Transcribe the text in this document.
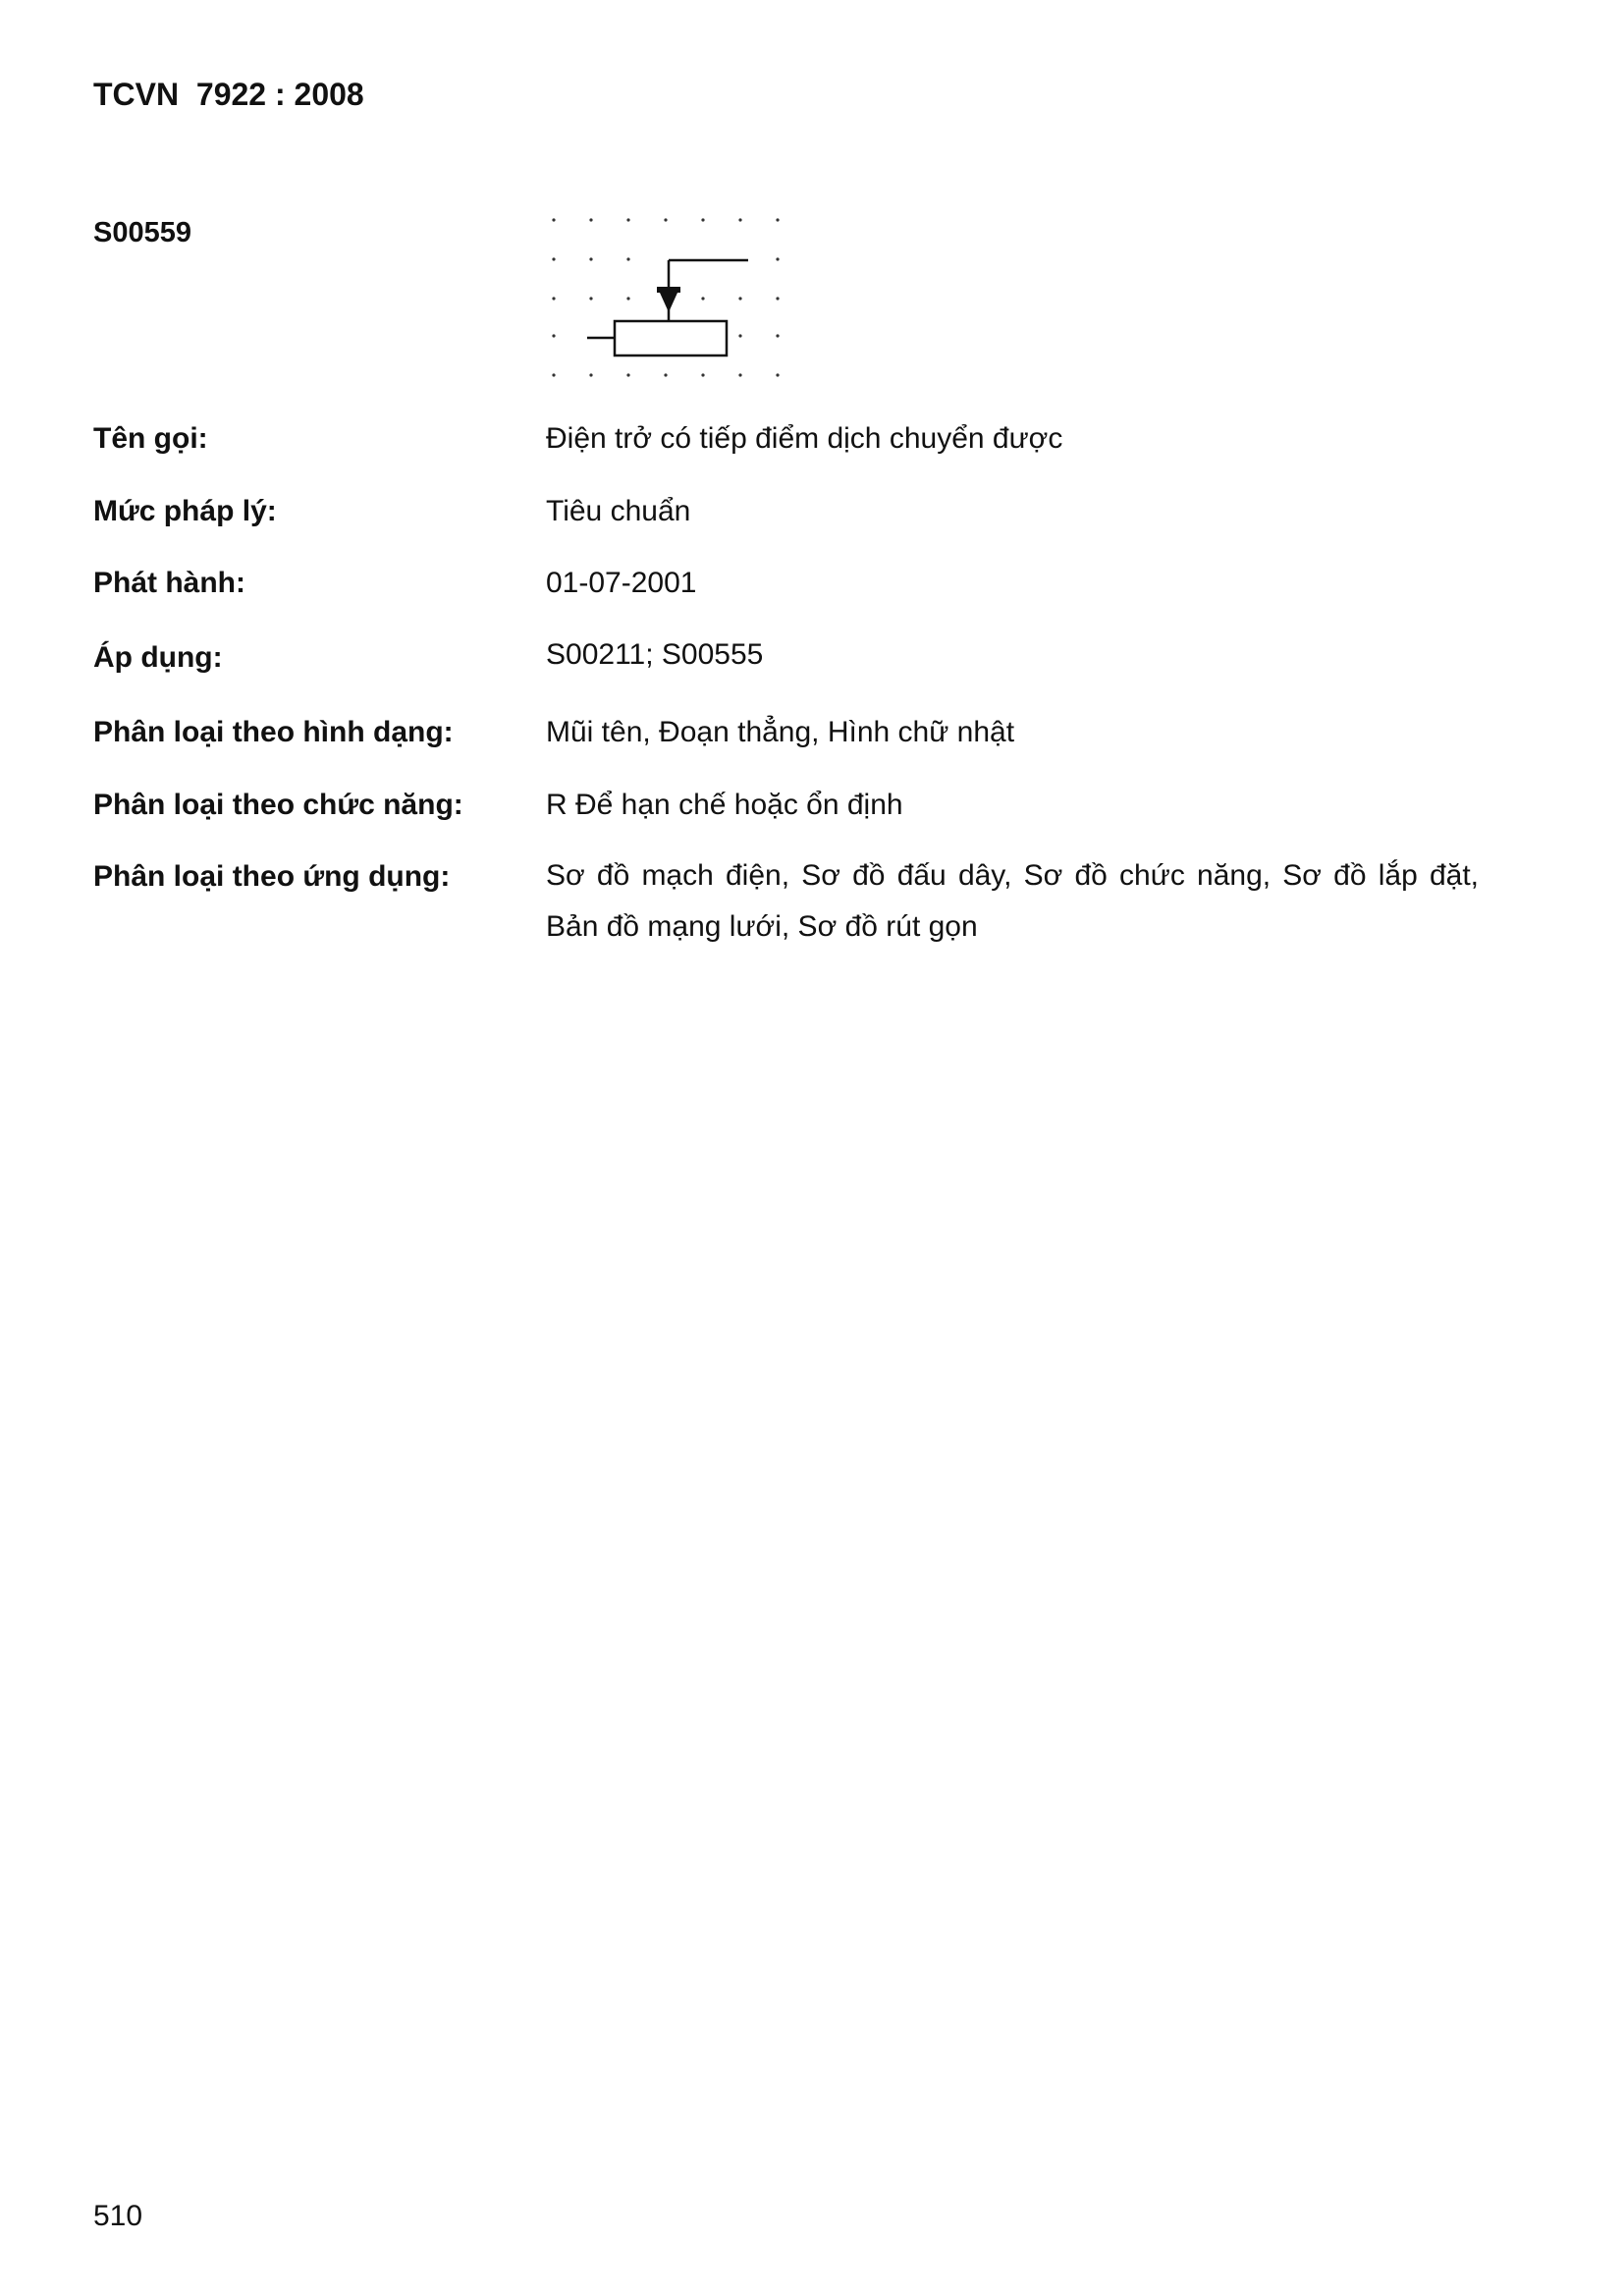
TCVN  7922 : 2008
S00559
Tên gọi:	Điện trở có tiếp điểm dịch chuyển được
Mức pháp lý:	Tiêu chuẩn
Phát hành:	01-07-2001
Áp dụng:	S00211; S00555
Phân loại theo hình dạng:	Mũi tên, Đoạn thẳng, Hình chữ nhật
Phân loại theo chức năng:	R Để hạn chế hoặc ổn định
Phân loại theo ứng dụng:	Sơ đồ mạch điện, Sơ đồ đấu dây, Sơ đồ chức năng, Sơ đồ lắp đặt, Bản đồ mạng lưới, Sơ đồ rút gọn
510
